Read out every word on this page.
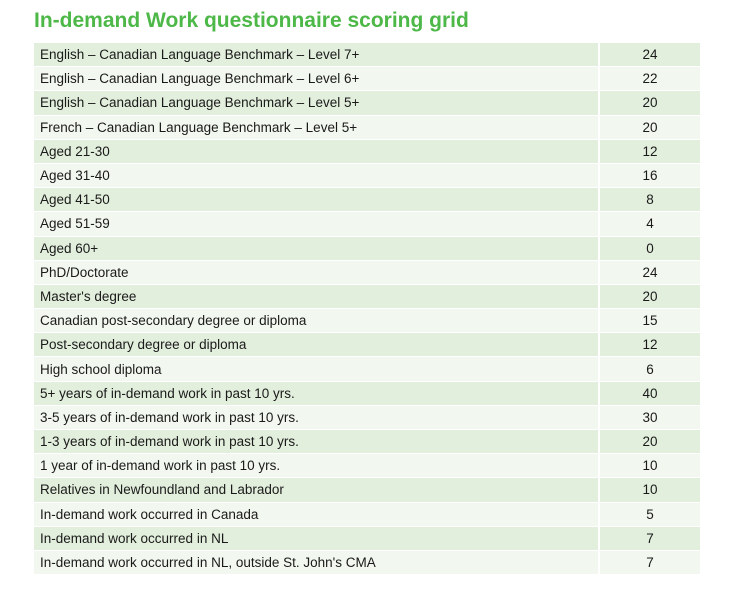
In-demand Work questionnaire scoring grid
English – Canadian Language Benchmark – Level 7+	24
English – Canadian Language Benchmark – Level 6+	22
English – Canadian Language Benchmark – Level 5+	20
French – Canadian Language Benchmark – Level 5+	20
Aged 21-30	12
Aged 31-40	16
Aged 41-50	8
Aged 51-59	4
Aged 60+	0
PhD/Doctorate	24
Master's degree	20
Canadian post-secondary degree or diploma	15
Post-secondary degree or diploma	12
High school diploma	6
5+ years of in-demand work in past 10 yrs.	40
3-5 years of in-demand work in past 10 yrs.	30
1-3 years of in-demand work in past 10 yrs.	20
1 year of in-demand work in past 10 yrs.	10
Relatives in Newfoundland and Labrador	10
In-demand work occurred in Canada	5
In-demand work occurred in NL	7
In-demand work occurred in NL, outside St. John's CMA	7
